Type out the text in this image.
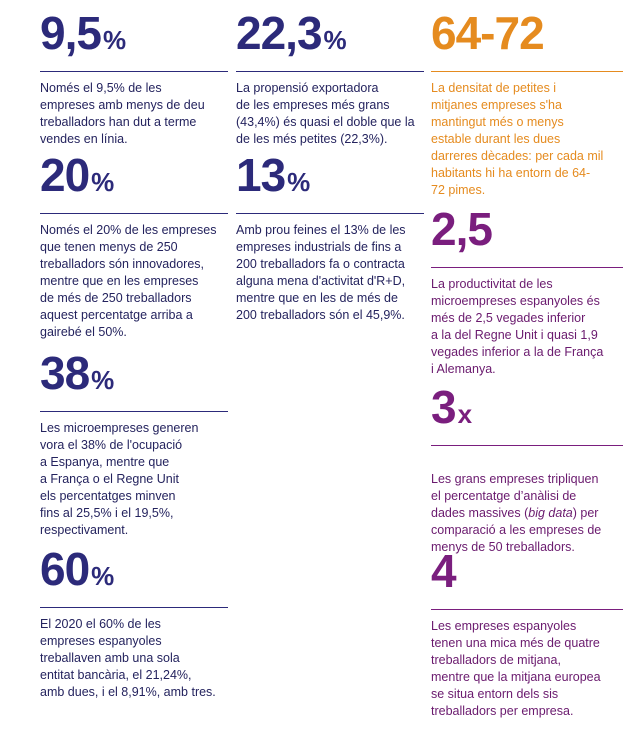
9,5%

Només el 9,5% de les
empreses amb menys de deu
treballadors han dut a terme
vendes en línia.

20%

Només el 20% de les empreses
que tenen menys de 250
treballadors són innovadores,
mentre que en les empreses
de més de 250 treballadors
aquest percentatge arriba a
gairebé el 50%.

38%

Les microempreses generen
vora el 38% de l'ocupació
a Espanya, mentre que
a França o el Regne Unit
els percentatges minven
fins al 25,5% i el 19,5%,
respectivament.

60%

El 2020 el 60% de les
empreses espanyoles
treballaven amb una sola
entitat bancària, el 21,24%,
amb dues, i el 8,91%, amb tres.

22,3%

La propensió exportadora
de les empreses més grans
(43,4%) és quasi el doble que la
de les més petites (22,3%).

13%

Amb prou feines el 13% de les
empreses industrials de fins a
200 treballadors fa o contracta
alguna mena d'activitat d'R+D,
mentre que en les de més de
200 treballadors són el 45,9%.

64-72

La densitat de petites i
mitjanes empreses s'ha
mantingut més o menys
estable durant les dues
darreres dècades: per cada mil
habitants hi ha entorn de 64-
72 pimes.

2,5

La productivitat de les
microempreses espanyoles és
més de 2,5 vegades inferior
a la del Regne Unit i quasi 1,9
vegades inferior a la de França
i Alemanya.

3x

Les grans empreses tripliquen
el percentatge d’anàlisi de
dades massives (big data) per
comparació a les empreses de
menys de 50 treballadors.

4

Les empreses espanyoles
tenen una mica més de quatre
treballadors de mitjana,
mentre que la mitjana europea
se situa entorn dels sis
treballadors per empresa.
